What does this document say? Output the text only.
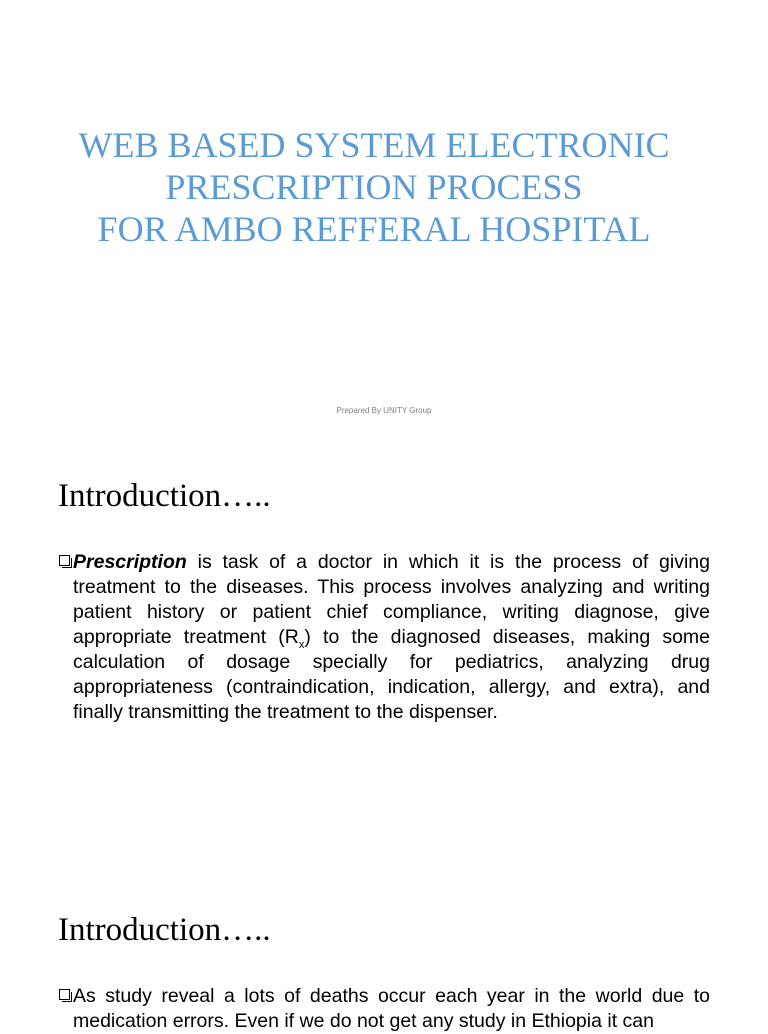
WEB BASED SYSTEM ELECTRONIC
PRESCRIPTION PROCESS
FOR AMBO REFFERAL HOSPITAL
Prepared By UNITY Group
Introduction…..
Prescription is task of a doctor in which it is the process of giving treatment to the diseases. This process involves analyzing and writing patient history or patient chief compliance, writing diagnose, give appropriate treatment $(R_x)$ to the diagnosed diseases, making some calculation of dosage specially for pediatrics, analyzing drug appropriateness (contraindication, indication, allergy, and extra), and finally transmitting the treatment to the dispenser.
Introduction…..
As study reveal a lots of deaths occur each year in the world due to medication errors. Even if we do not get any study in Ethiopia it can
